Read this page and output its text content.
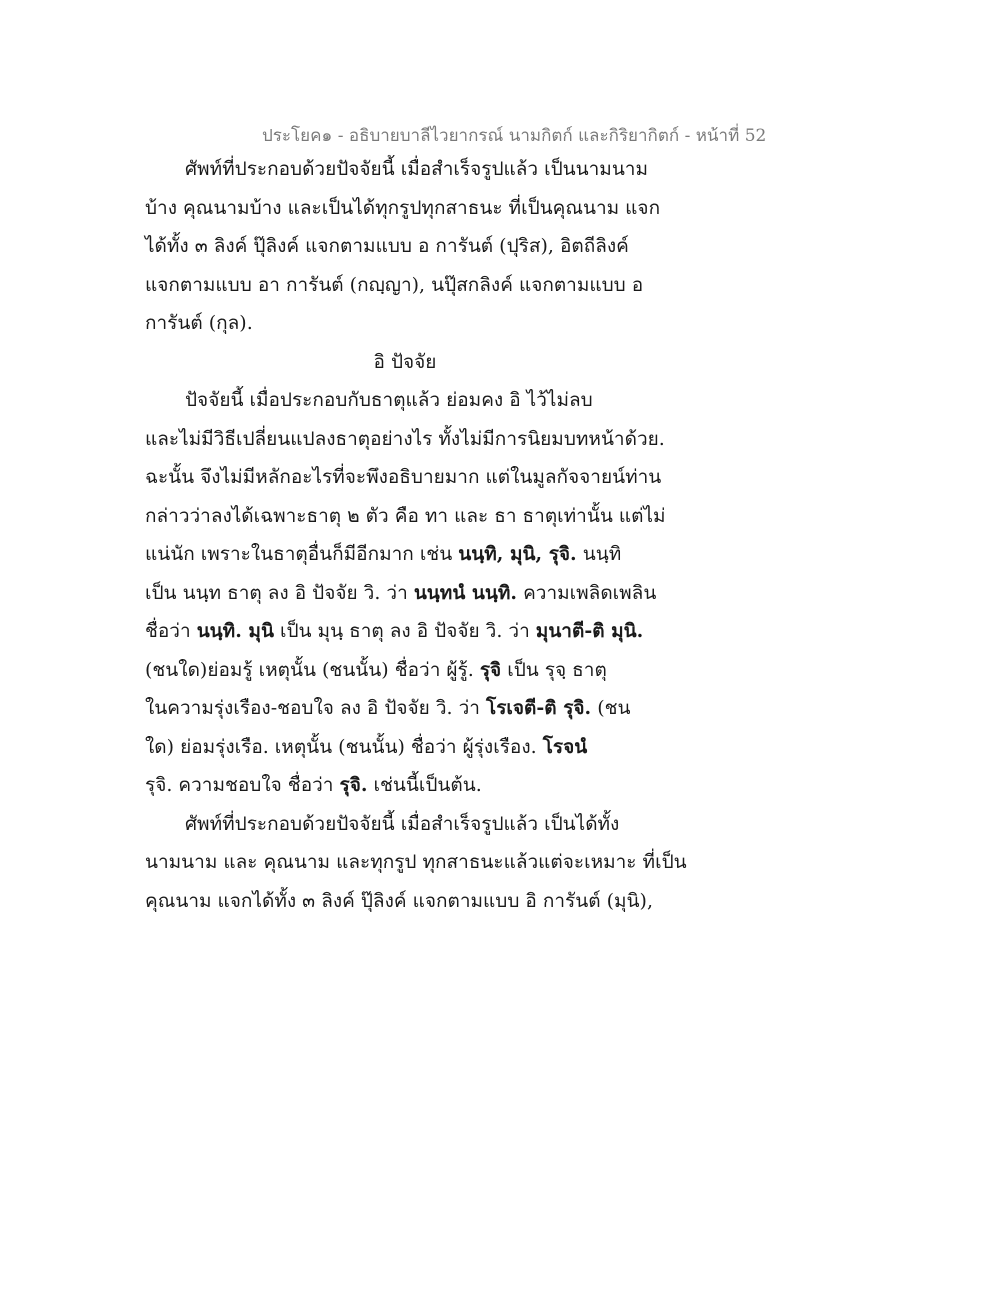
ประโยค๑ - อธิบายบาลีไวยากรณ์ นามกิตก์ และกิริยากิตก์ - หน้าที่ 52
ศัพท์ที่ประกอบด้วยปัจจัยนี้ เมื่อสำเร็จรูปแล้ว เป็นนามนาม
บ้าง คุณนามบ้าง และเป็นได้ทุกรูปทุกสาธนะ ที่เป็นคุณนาม แจก
ได้ทั้ง ๓ ลิงค์ ปุ๊ลิงค์ แจกตามแบบ อ การันต์ (ปุริส), อิตถีลิงค์
แจกตามแบบ อา การันต์ (กญฺญา), นปุ๊สกลิงค์ แจกตามแบบ อ
การันต์ (กุล).
อิ ปัจจัย
ปัจจัยนี้ เมื่อประกอบกับธาตุแล้ว ย่อมคง อิ ไว้ไม่ลบ
และไม่มีวิธีเปลี่ยนแปลงธาตุอย่างไร ทั้งไม่มีการนิยมบทหน้าด้วย.
ฉะนั้น จึงไม่มีหลักอะไรที่จะพึงอธิบายมาก แต่ในมูลกัจจายน์ท่าน
กล่าวว่าลงได้เฉพาะธาตุ ๒ ตัว คือ ทา และ ธา ธาตุเท่านั้น แต่ไม่
แน่นัก เพราะในธาตุอื่นก็มีอีกมาก เช่น นนฺทิ, มุนิ, รุจิ. นนฺทิ
เป็น นนฺท ธาตุ ลง อิ ปัจจัย วิ. ว่า นนฺทนํ นนฺทิ. ความเพลิดเพลิน
ชื่อว่า นนฺทิ. มุนิ เป็น มุนฺ ธาตุ ลง อิ ปัจจัย วิ. ว่า มุนาตี-ติ มุนิ.
(ชนใด)ย่อมรู้ เหตุนั้น (ชนนั้น) ชื่อว่า ผู้รู้. รุจิ เป็น รุจฺ ธาตุ
ในความรุ่งเรือง-ชอบใจ ลง อิ ปัจจัย วิ. ว่า โรเจตี-ติ รุจิ. (ชน
ใด) ย่อมรุ่งเรือ. เหตุนั้น (ชนนั้น) ชื่อว่า ผู้รุ่งเรือง. โรจนํ
รุจิ. ความชอบใจ ชื่อว่า รุจิ. เช่นนี้เป็นต้น.
ศัพท์ที่ประกอบด้วยปัจจัยนี้ เมื่อสำเร็จรูปแล้ว เป็นได้ทั้ง
นามนาม และ คุณนาม และทุกรูป ทุกสาธนะแล้วแต่จะเหมาะ ที่เป็น
คุณนาม แจกได้ทั้ง ๓ ลิงค์ ปุ๊ลิงค์ แจกตามแบบ อิ การันต์ (มุนิ),
